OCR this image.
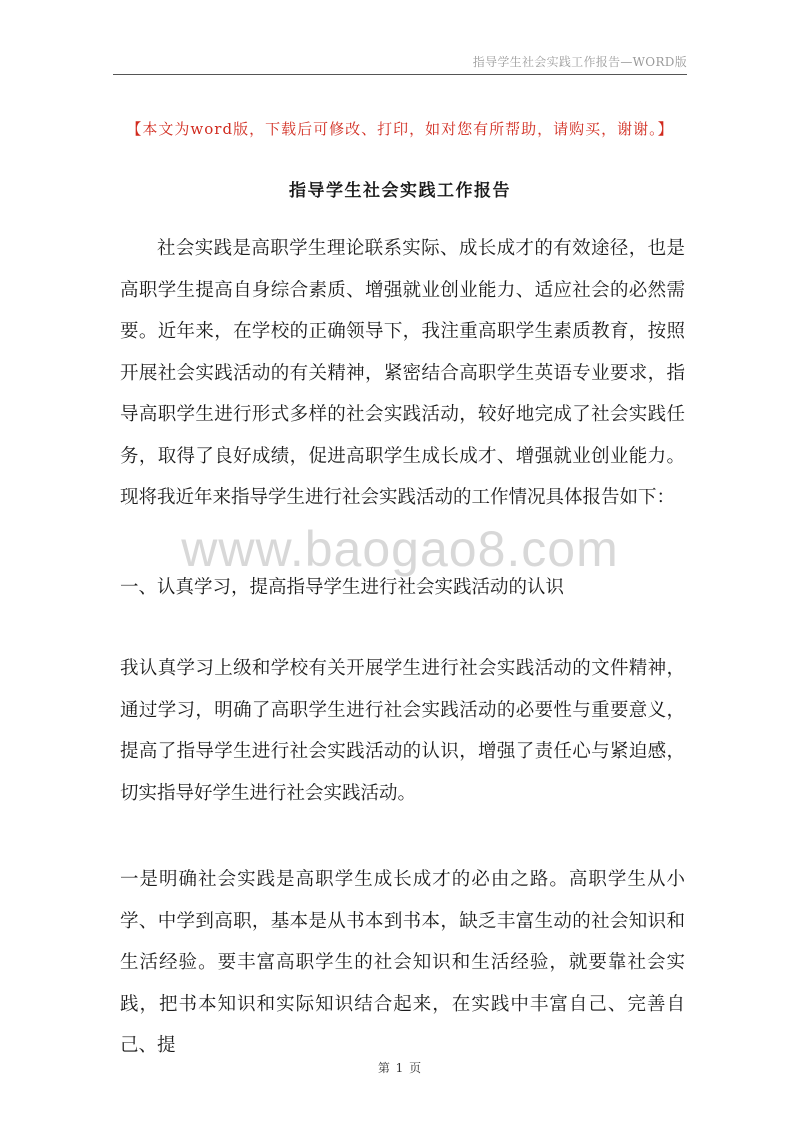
指导学生社会实践工作报告—WORD版
【本文为word版，下载后可修改、打印，如对您有所帮助，请购买，谢谢。】
指导学生社会实践工作报告

社会实践是高职学生理论联系实际、成长成才的有效途径，也是高职学生提高自身综合素质、增强就业创业能力、适应社会的必然需要。近年来，在学校的正确领导下，我注重高职学生素质教育，按照开展社会实践活动的有关精神，紧密结合高职学生英语专业要求，指导高职学生进行形式多样的社会实践活动，较好地完成了社会实践任务，取得了良好成绩，促进高职学生成长成才、增强就业创业能力。现将我近年来指导学生进行社会实践活动的工作情况具体报告如下：

www.baogao8.com

一、认真学习，提高指导学生进行社会实践活动的认识

我认真学习上级和学校有关开展学生进行社会实践活动的文件精神，通过学习，明确了高职学生进行社会实践活动的必要性与重要意义，提高了指导学生进行社会实践活动的认识，增强了责任心与紧迫感，切实指导好学生进行社会实践活动。

一是明确社会实践是高职学生成长成才的必由之路。高职学生从小学、中学到高职，基本是从书本到书本，缺乏丰富生动的社会知识和生活经验。要丰富高职学生的社会知识和生活经验，就要靠社会实践，把书本知识和实际知识结合起来，在实践中丰富自己、完善自己、提

第 1 页
